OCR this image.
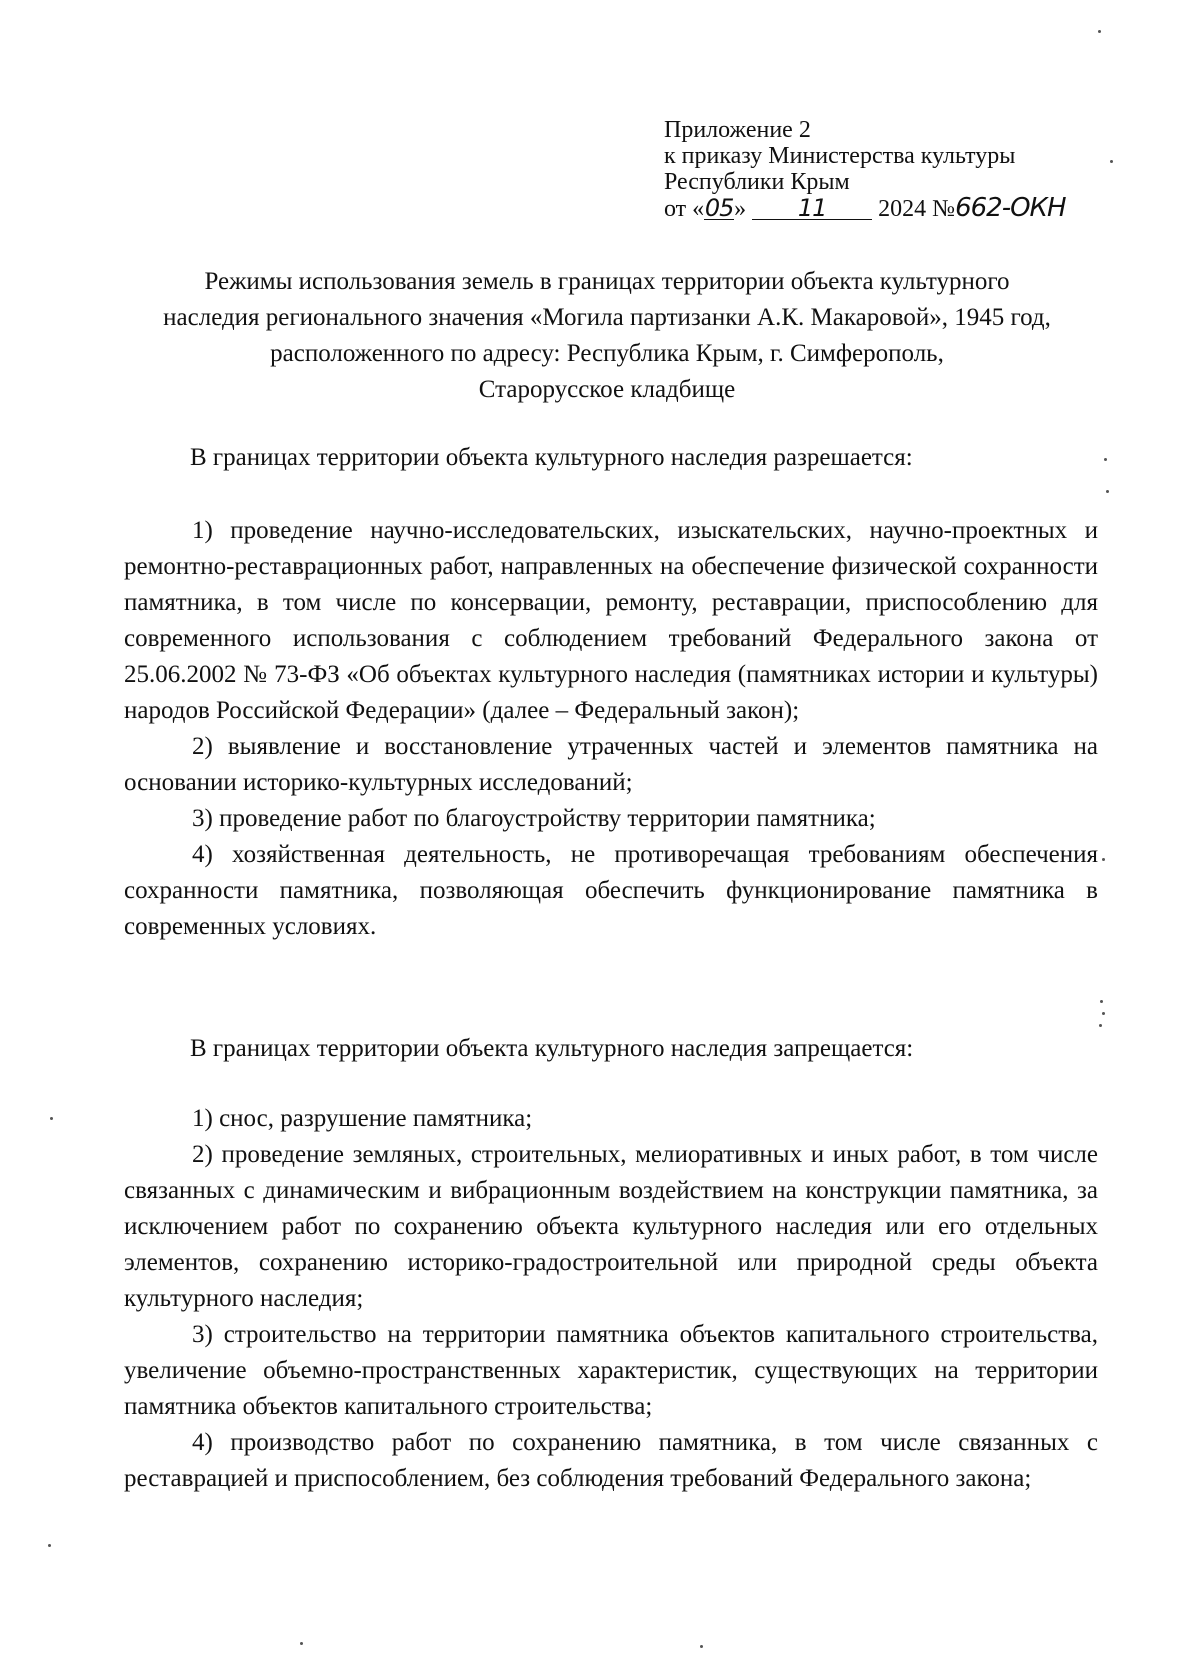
Приложение 2
к приказу Министерства культуры
Республики Крым
от «05» 11 2024 №662-ОКН
Режимы использования земель в границах территории объекта культурного
наследия регионального значения «Могила партизанки А.К. Макаровой», 1945 год,
расположенного по адресу: Республика Крым, г. Симферополь,
Старорусское кладбище

В границах территории объекта культурного наследия разрешается:

1) проведение научно-исследовательских, изыскательских, научно-проектных и ремонтно-реставрационных работ, направленных на обеспечение физической сохранности памятника, в том числе по консервации, ремонту, реставрации, приспособлению для современного использования с соблюдением требований Федерального закона от 25.06.2002 № 73-ФЗ «Об объектах культурного наследия (памятниках истории и культуры) народов Российской Федерации» (далее – Федеральный закон);

2) выявление и восстановление утраченных частей и элементов памятника на основании историко-культурных исследований;

3) проведение работ по благоустройству территории памятника;

4) хозяйственная деятельность, не противоречащая требованиям обеспечения сохранности памятника, позволяющая обеспечить функционирование памятника в современных условиях.

В границах территории объекта культурного наследия запрещается:

1) снос, разрушение памятника;

2) проведение земляных, строительных, мелиоративных и иных работ, в том числе связанных с динамическим и вибрационным воздействием на конструкции памятника, за исключением работ по сохранению объекта культурного наследия или его отдельных элементов, сохранению историко-градостроительной или природной среды объекта культурного наследия;

3) строительство на территории памятника объектов капитального строительства, увеличение объемно-пространственных характеристик, существующих на территории памятника объектов капитального строительства;

4) производство работ по сохранению памятника, в том числе связанных с реставрацией и приспособлением, без соблюдения требований Федерального закона;
